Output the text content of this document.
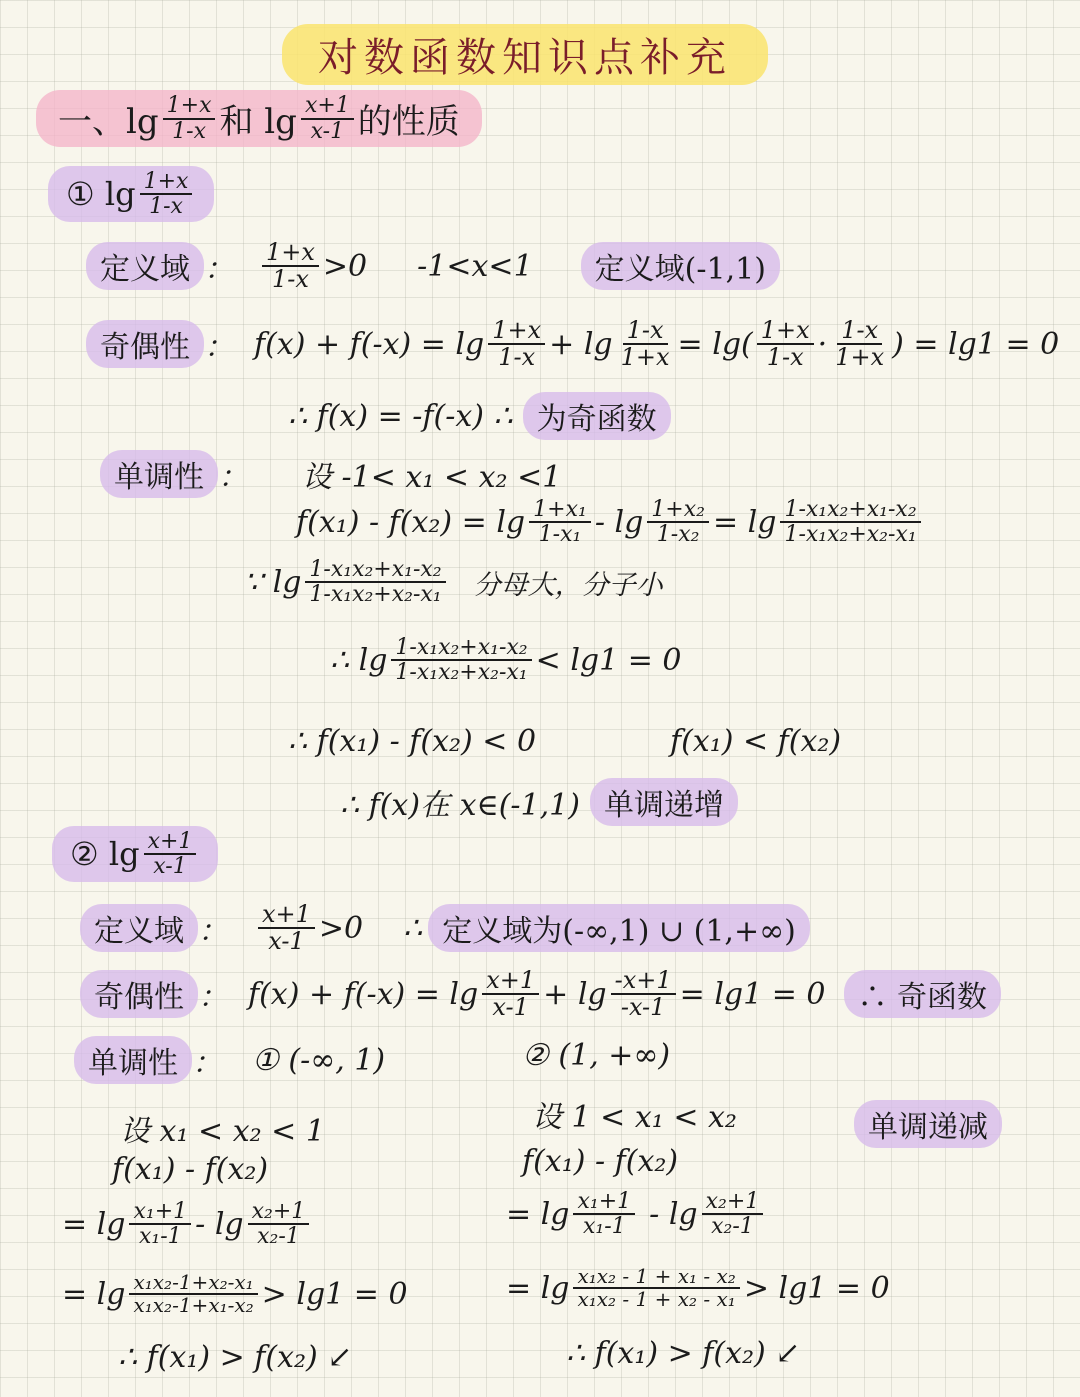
对数函数知识点补充
一、$\lg \frac{1+x}{1-x}$ 和 $\lg \frac{x+1}{x-1}$ 的性质
① $\lg \frac{1+x}{1-x}$
定义域 ： $\frac{1+x}{1-x} >0$ -1<x<1	定义域(-1,1)
奇偶性 ： $f(x) + f(-x) = \lg \frac{1+x}{1-x} + \lg \frac{1-x}{1+x} = \lg( \frac{1+x}{1-x} \cdot \frac{1-x}{1+x}$ ) = lg1 = 0
∴ f(x) = -f(-x) ∴ 为奇函数
单调性 ： 设 -1< x₁ < x₂ <1
$f(x_1) - f(x_2) = \lg \frac{\text{1+x₁}}{\text{1-x₁}} - \lg \frac{\text{1+x₂}}{\text{1-x₂}} = \lg \frac{\text{1-x₁x₂+x₁-x₂}}{\text{1-x₁x₂+x₂-x₁}}$
∵ $\lg \frac{\text{1-x₁x₂+x₁-x₂}}{\text{1-x₁x₂+x₂-x₁}}$ 分母大，分子小
∴ $\lg \frac{\text{1-x₁x₂+x₁-x₂}}{\text{1-x₁x₂+x₂-x₁}} < \lg 1 = 0$
∴ f(x₁) - f(x₂) < 0	f(x₁) < f(x₂)
∴ f(x)在 x∈(-1,1) 单调递增
② $\lg \frac{x+1}{x-1}$
定义域 ： $\frac{x+1}{x-1} >0$ ∴ 定义域为(-∞,1) ∪ (1,+∞)
奇偶性 ： $f(x) + f(-x) = \lg \frac{x+1}{x-1} + \lg \frac{-x+1}{-x-1} = \lg 1 = 0$	∴ 奇函数
单调性 ： ① (-∞, 1)	② (1, +∞)
单调递减
设 x₁ < x₂ < 1
f(x₁) - f(x₂)
= $\lg \frac{\text{x₁+1}}{\text{x₁-1}}$ - $\lg \frac{\text{x₂+1}}{\text{x₂-1}}$
= $\lg \frac{\text{x₁x₂-1+x₂-x₁}}{\text{x₁x₂-1+x₁-x₂}} > \lg 1 = 0$
∴ f(x₁) > f(x₂) ↙
设 1 < x₁ < x₂
f(x₁) - f(x₂)
= $\lg \frac{\text{x₁+1}}{\text{x₁-1}}$ - $\lg \frac{\text{x₂+1}}{\text{x₂-1}}$
= $\lg \frac{\text{x₁x₂ - 1 + x₁ - x₂}}{\text{x₁x₂ - 1 + x₂ - x₁}} > \lg 1 = 0$
∴ f(x₁) > f(x₂) ↙
